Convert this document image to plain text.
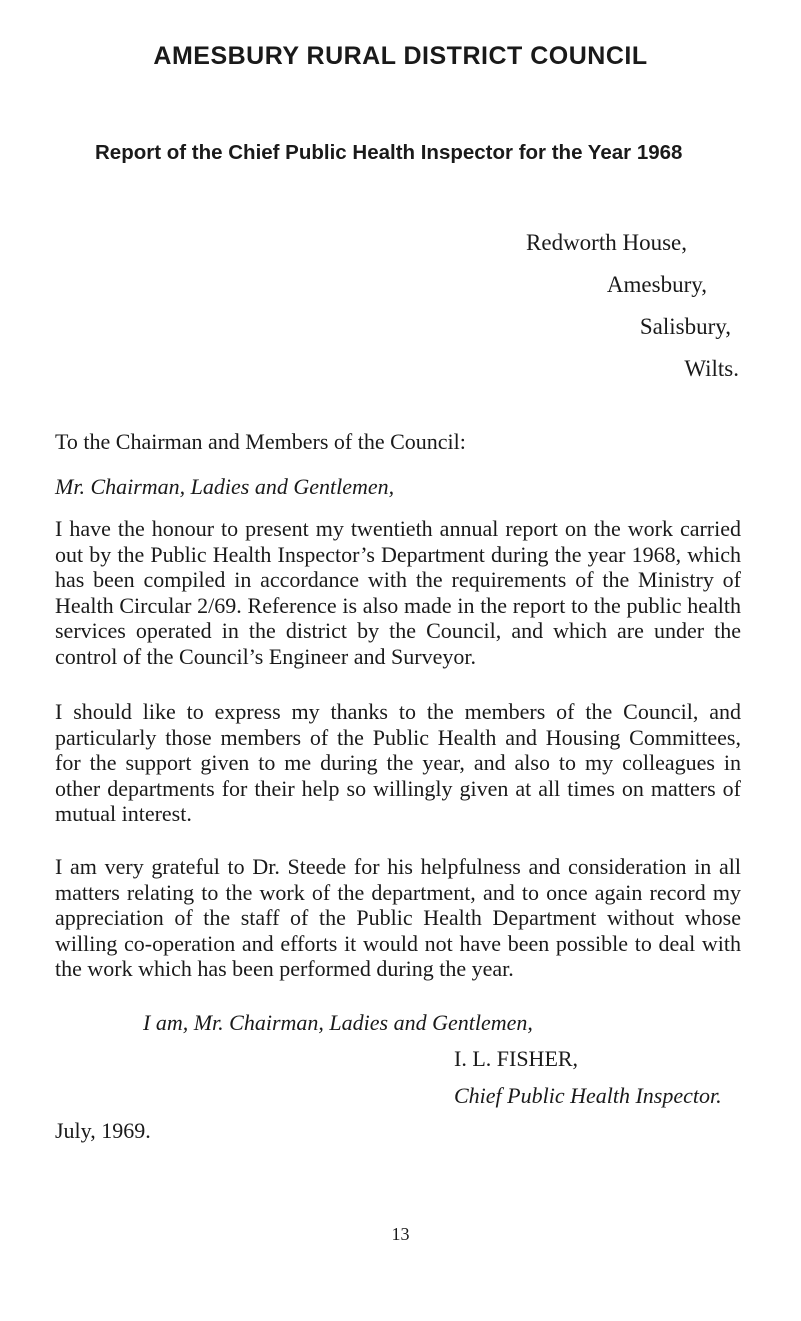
AMESBURY RURAL DISTRICT COUNCIL
Report of the Chief Public Health Inspector for the Year 1968
Redworth House,
Amesbury,
Salisbury,
Wilts.
To the Chairman and Members of the Council:
Mr. Chairman, Ladies and Gentlemen,

I have the honour to present my twentieth annual report on the work carried out by the Public Health Inspector’s Department during the year 1968, which has been compiled in accordance with the requirements of the Ministry of Health Circular 2/69. Reference is also made in the report to the public health services operated in the district by the Council, and which are under the control of the Council’s Engineer and Surveyor.

I should like to express my thanks to the members of the Council, and particularly those members of the Public Health and Housing Committees, for the support given to me during the year, and also to my colleagues in other departments for their help so willingly given at all times on matters of mutual interest.

I am very grateful to Dr. Steede for his helpfulness and consideration in all matters relating to the work of the department, and to once again record my appreciation of the staff of the Public Health Department without whose willing co-operation and efforts it would not have been possible to deal with the work which has been performed during the year.

I am, Mr. Chairman, Ladies and Gentlemen,
I. L. FISHER,
Chief Public Health Inspector.
July, 1969.
13
